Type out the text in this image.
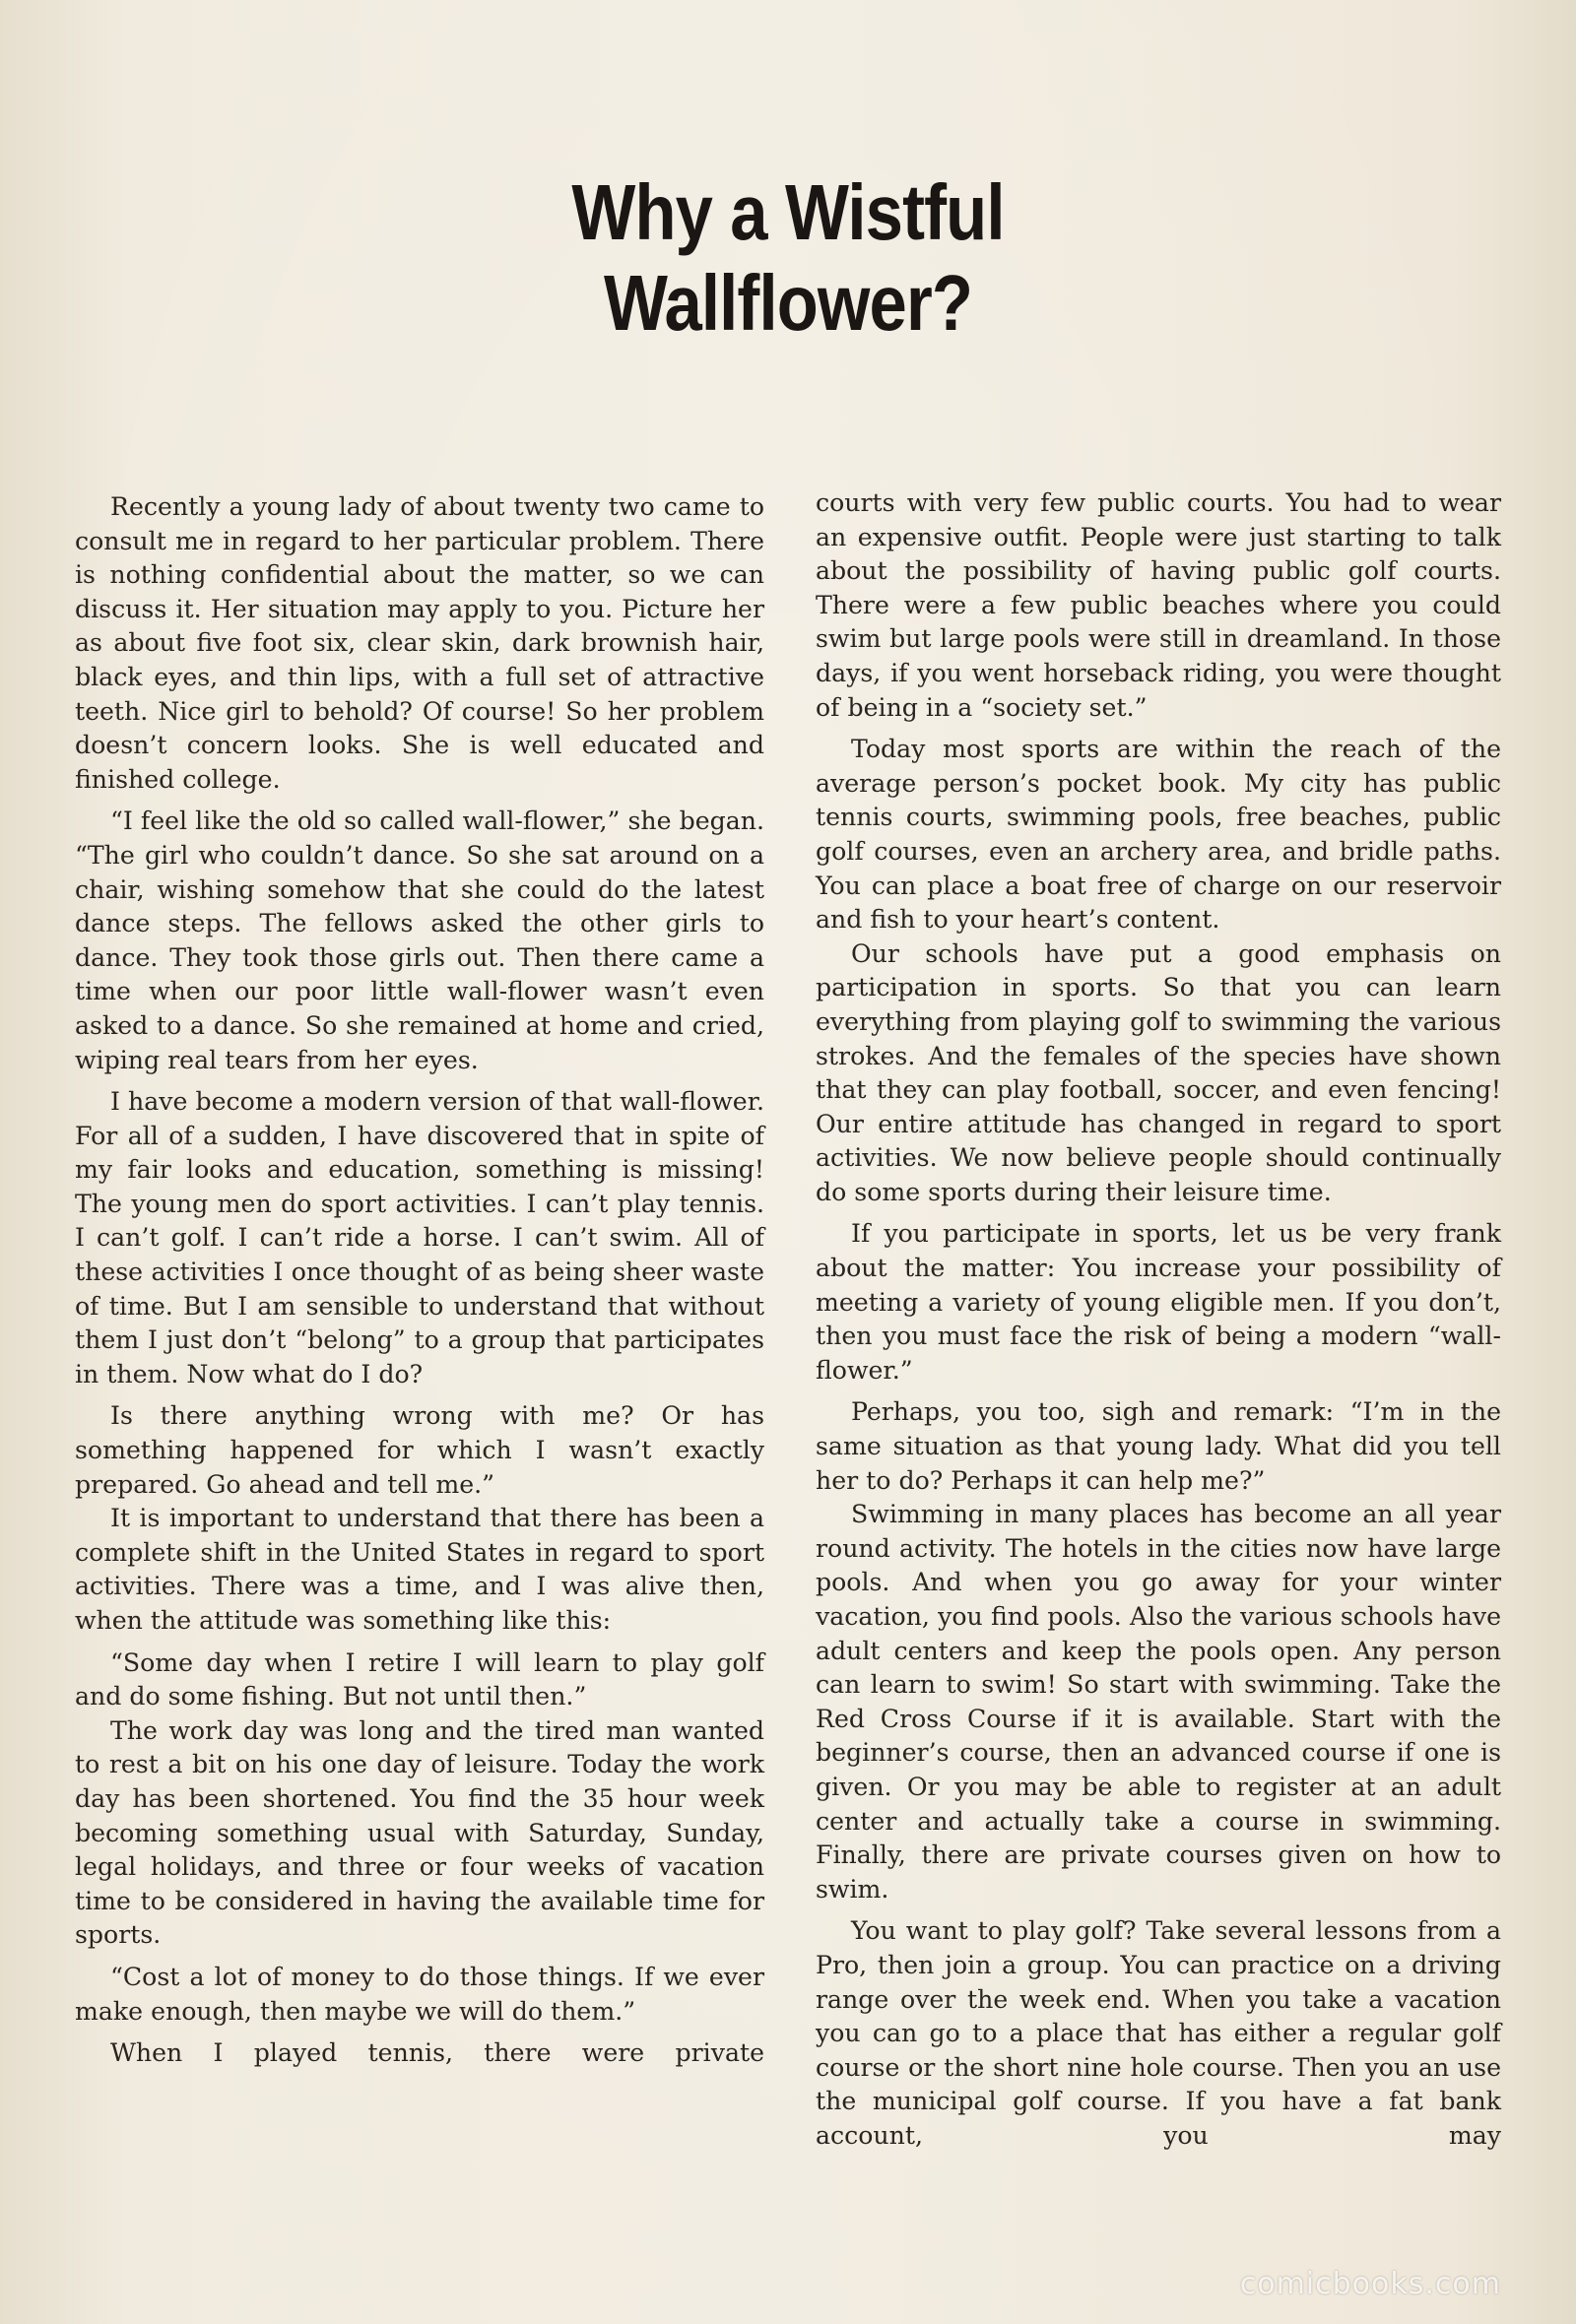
Why a Wistful
Wallflower?

Recently a young lady of about twenty two came to consult me in regard to her particular problem. There is nothing confidential about the matter, so we can discuss it. Her situation may apply to you. Picture her as about five foot six, clear skin, dark brownish hair, black eyes, and thin lips, with a full set of attractive teeth. Nice girl to behold? Of course! So her problem doesn’t concern looks. She is well educated and finished college.

“I feel like the old so called wall-flower,” she began. “The girl who couldn’t dance. So she sat around on a chair, wishing somehow that she could do the latest dance steps. The fellows asked the other girls to dance. They took those girls out. Then there came a time when our poor little wall-flower wasn’t even asked to a dance. So she remained at home and cried, wiping real tears from her eyes.

I have become a modern version of that wall-flower. For all of a sudden, I have discovered that in spite of my fair looks and education, something is missing! The young men do sport activities. I can’t play tennis. I can’t golf. I can’t ride a horse. I can’t swim. All of these activities I once thought of as being sheer waste of time. But I am sensible to understand that without them I just don’t “belong” to a group that participates in them. Now what do I do?

Is there anything wrong with me? Or has something happened for which I wasn’t exactly prepared. Go ahead and tell me.”

It is important to understand that there has been a complete shift in the United States in regard to sport activities. There was a time, and I was alive then, when the attitude was something like this:

“Some day when I retire I will learn to play golf and do some fishing. But not until then.”

The work day was long and the tired man wanted to rest a bit on his one day of leisure. Today the work day has been shortened. You find the 35 hour week becoming something usual with Saturday, Sunday, legal holidays, and three or four weeks of vacation time to be considered in having the available time for sports.

“Cost a lot of money to do those things. If we ever make enough, then maybe we will do them.”

When I played tennis, there were private

courts with very few public courts. You had to wear an expensive outfit. People were just starting to talk about the possibility of having public golf courts. There were a few public beaches where you could swim but large pools were still in dreamland. In those days, if you went horseback riding, you were thought of being in a “society set.”

Today most sports are within the reach of the average person’s pocket book. My city has public tennis courts, swimming pools, free beaches, public golf courses, even an archery area, and bridle paths. You can place a boat free of charge on our reservoir and fish to your heart’s content.

Our schools have put a good emphasis on participation in sports. So that you can learn everything from playing golf to swimming the various strokes. And the females of the species have shown that they can play football, soccer, and even fencing! Our entire attitude has changed in regard to sport activities. We now believe people should continually do some sports during their leisure time.

If you participate in sports, let us be very frank about the matter: You increase your possibility of meeting a variety of young eligible men. If you don’t, then you must face the risk of being a modern “wall-flower.”

Perhaps, you too, sigh and remark: “I’m in the same situation as that young lady. What did you tell her to do? Perhaps it can help me?”

Swimming in many places has become an all year round activity. The hotels in the cities now have large pools. And when you go away for your winter vacation, you find pools. Also the various schools have adult centers and keep the pools open. Any person can learn to swim! So start with swimming. Take the Red Cross Course if it is available. Start with the beginner’s course, then an advanced course if one is given. Or you may be able to register at an adult center and actually take a course in swimming. Finally, there are private courses given on how to swim.

You want to play golf? Take several lessons from a Pro, then join a group. You can practice on a driving range over the week end. When you take a vacation you can go to a place that has either a regular golf course or the short nine hole course. Then you an use the municipal golf course. If you have a fat bank account, you may

comicbooks.com
